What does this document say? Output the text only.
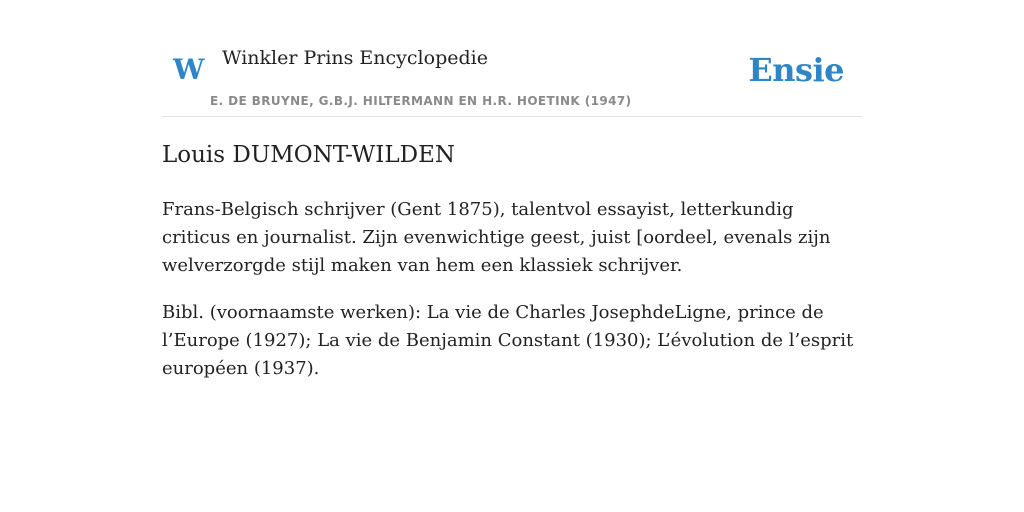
W Winkler Prins Encyclopedie
E. DE BRUYNE, G.B.J. HILTERMANN EN H.R. HOETINK (1947)
Ensie
Louis DUMONT-WILDEN

Frans-Belgisch schrijver (Gent 1875), talentvol essayist, letterkundig criticus en journalist. Zijn evenwichtige geest, juist [oordeel, evenals zijn welverzorgde stijl maken van hem een klassiek schrijver.

Bibl. (voornaamste werken): La vie de Charles JosephdeLigne, prince de l’Europe (1927); La vie de Benjamin Constant (1930); L’évolution de l’esprit européen (1937).
